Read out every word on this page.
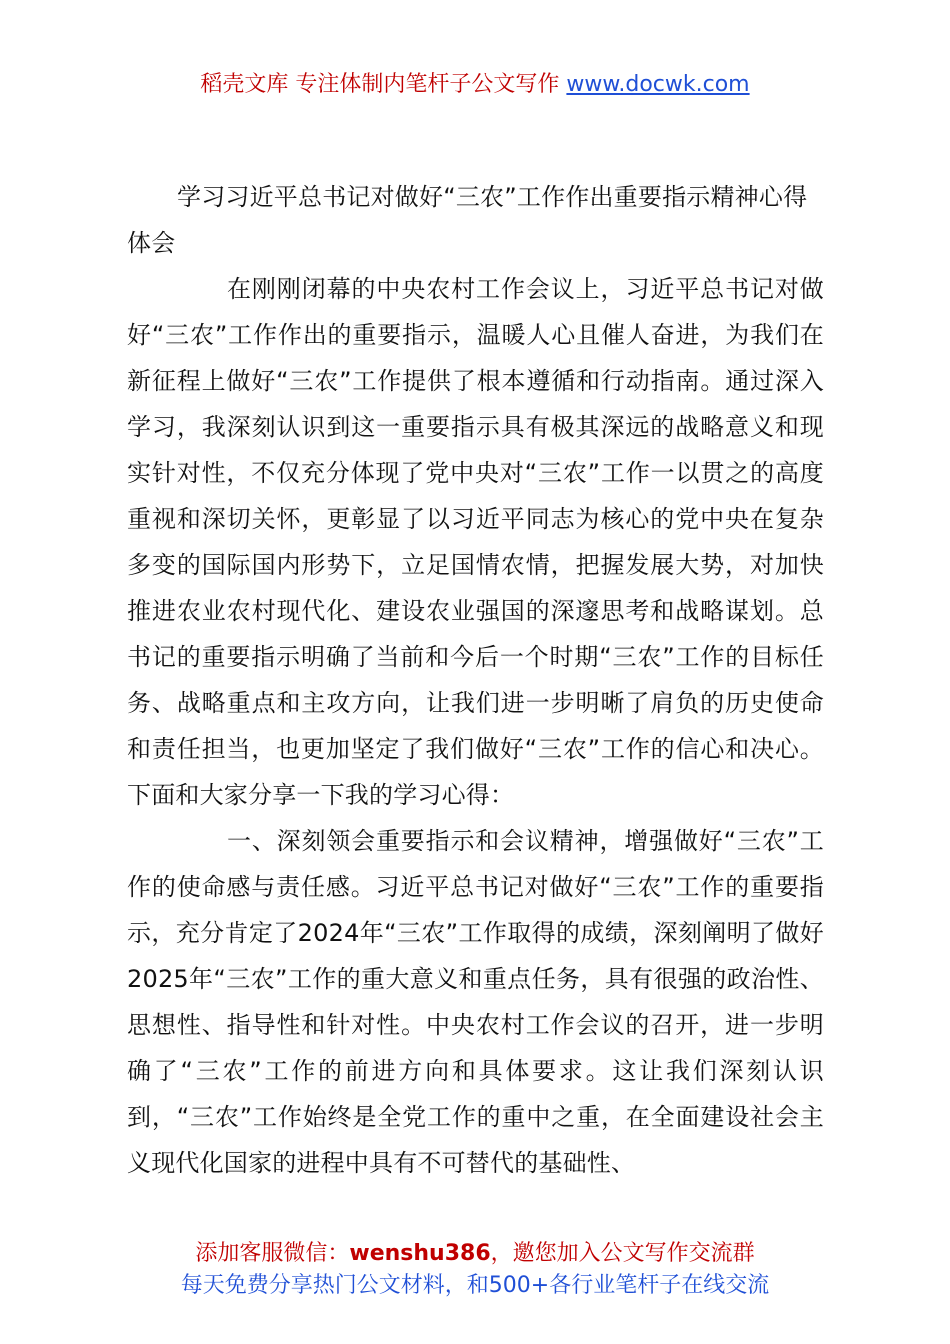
稻壳文库 专注体制内笔杆子公文写作 www.docwk.com
学习习近平总书记对做好“三农”工作作出重要指示精神心得体会

在刚刚闭幕的中央农村工作会议上，习近平总书记对做好“三农”工作作出的重要指示，温暖人心且催人奋进，为我们在新征程上做好“三农”工作提供了根本遵循和行动指南。通过深入学习，我深刻认识到这一重要指示具有极其深远的战略意义和现实针对性，不仅充分体现了党中央对“三农”工作一以贯之的高度重视和深切关怀，更彰显了以习近平同志为核心的党中央在复杂多变的国际国内形势下，立足国情农情，把握发展大势，对加快推进农业农村现代化、建设农业强国的深邃思考和战略谋划。总书记的重要指示明确了当前和今后一个时期“三农”工作的目标任务、战略重点和主攻方向，让我们进一步明晰了肩负的历史使命和责任担当，也更加坚定了我们做好“三农”工作的信心和决心。下面和大家分享一下我的学习心得：

一、深刻领会重要指示和会议精神，增强做好“三农”工作的使命感与责任感。习近平总书记对做好“三农”工作的重要指示，充分肯定了2024年“三农”工作取得的成绩，深刻阐明了做好2025年“三农”工作的重大意义和重点任务，具有很强的政治性、思想性、指导性和针对性。中央农村工作会议的召开，进一步明确了“三农”工作的前进方向和具体要求。这让我们深刻认识到，“三农”工作始终是全党工作的重中之重，在全面建设社会主义现代化国家的进程中具有不可替代的基础性、

添加客服微信：wenshu386，邀您加入公文写作交流群
每天免费分享热门公文材料，和500+各行业笔杆子在线交流
